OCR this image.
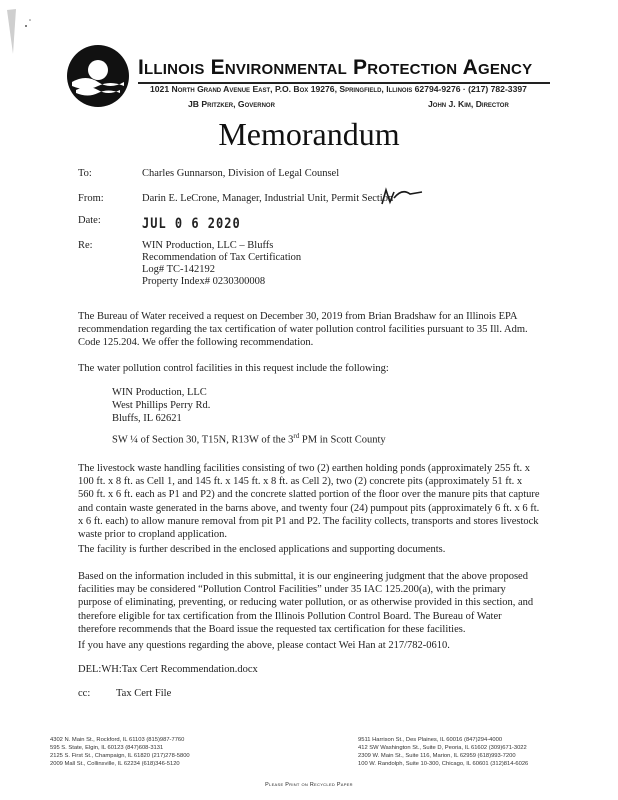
Illinois Environmental Protection Agency
1021 North Grand Avenue East, P.O. Box 19276, Springfield, Illinois 62794-9276 · (217) 782-3397
JB Pritzker, Governor	John J. Kim, Director
Memorandum
To:	Charles Gunnarson, Division of Legal Counsel
From:	Darin E. LeCrone, Manager, Industrial Unit, Permit Section
Date:	JUL 0 6 2020
Re:	WIN Production, LLC – Bluffs
Recommendation of Tax Certification
Log# TC-142192
Property Index# 0230300008
The Bureau of Water received a request on December 30, 2019 from Brian Bradshaw for an Illinois EPA recommendation regarding the tax certification of water pollution control facilities pursuant to 35 Ill. Adm. Code 125.204. We offer the following recommendation.
The water pollution control facilities in this request include the following:
WIN Production, LLC
West Phillips Perry Rd.
Bluffs, IL 62621
SW ¼ of Section 30, T15N, R13W of the 3rd PM in Scott County
The livestock waste handling facilities consisting of two (2) earthen holding ponds (approximately 255 ft. x 100 ft. x 8 ft. as Cell 1, and 145 ft. x 145 ft. x 8 ft. as Cell 2), two (2) concrete pits (approximately 51 ft. x 560 ft. x 6 ft. each as P1 and P2) and the concrete slatted portion of the floor over the manure pits that capture and contain waste generated in the barns above, and twenty four (24) pumpout pits (approximately 6 ft. x 6 ft. x 6 ft. each) to allow manure removal from pit P1 and P2. The facility collects, transports and stores livestock waste prior to cropland application.
The facility is further described in the enclosed applications and supporting documents.
Based on the information included in this submittal, it is our engineering judgment that the above proposed facilities may be considered “Pollution Control Facilities” under 35 IAC 125.200(a), with the primary purpose of eliminating, preventing, or reducing water pollution, or as otherwise provided in this section, and therefore eligible for tax certification from the Illinois Pollution Control Board. The Bureau of Water therefore recommends that the Board issue the requested tax certification for these facilities.
If you have any questions regarding the above, please contact Wei Han at 217/782-0610.
DEL:WH:Tax Cert Recommendation.docx
cc: Tax Cert File
4302 N. Main St., Rockford, IL 61103 (815)987-7760
595 S. State, Elgin, IL 60123 (847)608-3131
2125 S. First St., Champaign, IL 61820 (217)278-5800
2009 Mall St., Collinsville, IL 62234 (618)346-5120
9511 Harrison St., Des Plaines, IL 60016 (847)294-4000
412 SW Washington St., Suite D, Peoria, IL 61602 (309)671-3022
2309 W. Main St., Suite 116, Marion, IL 62959 (618)993-7200
100 W. Randolph, Suite 10-300, Chicago, IL 60601 (312)814-6026
Please Print on Recycled Paper
